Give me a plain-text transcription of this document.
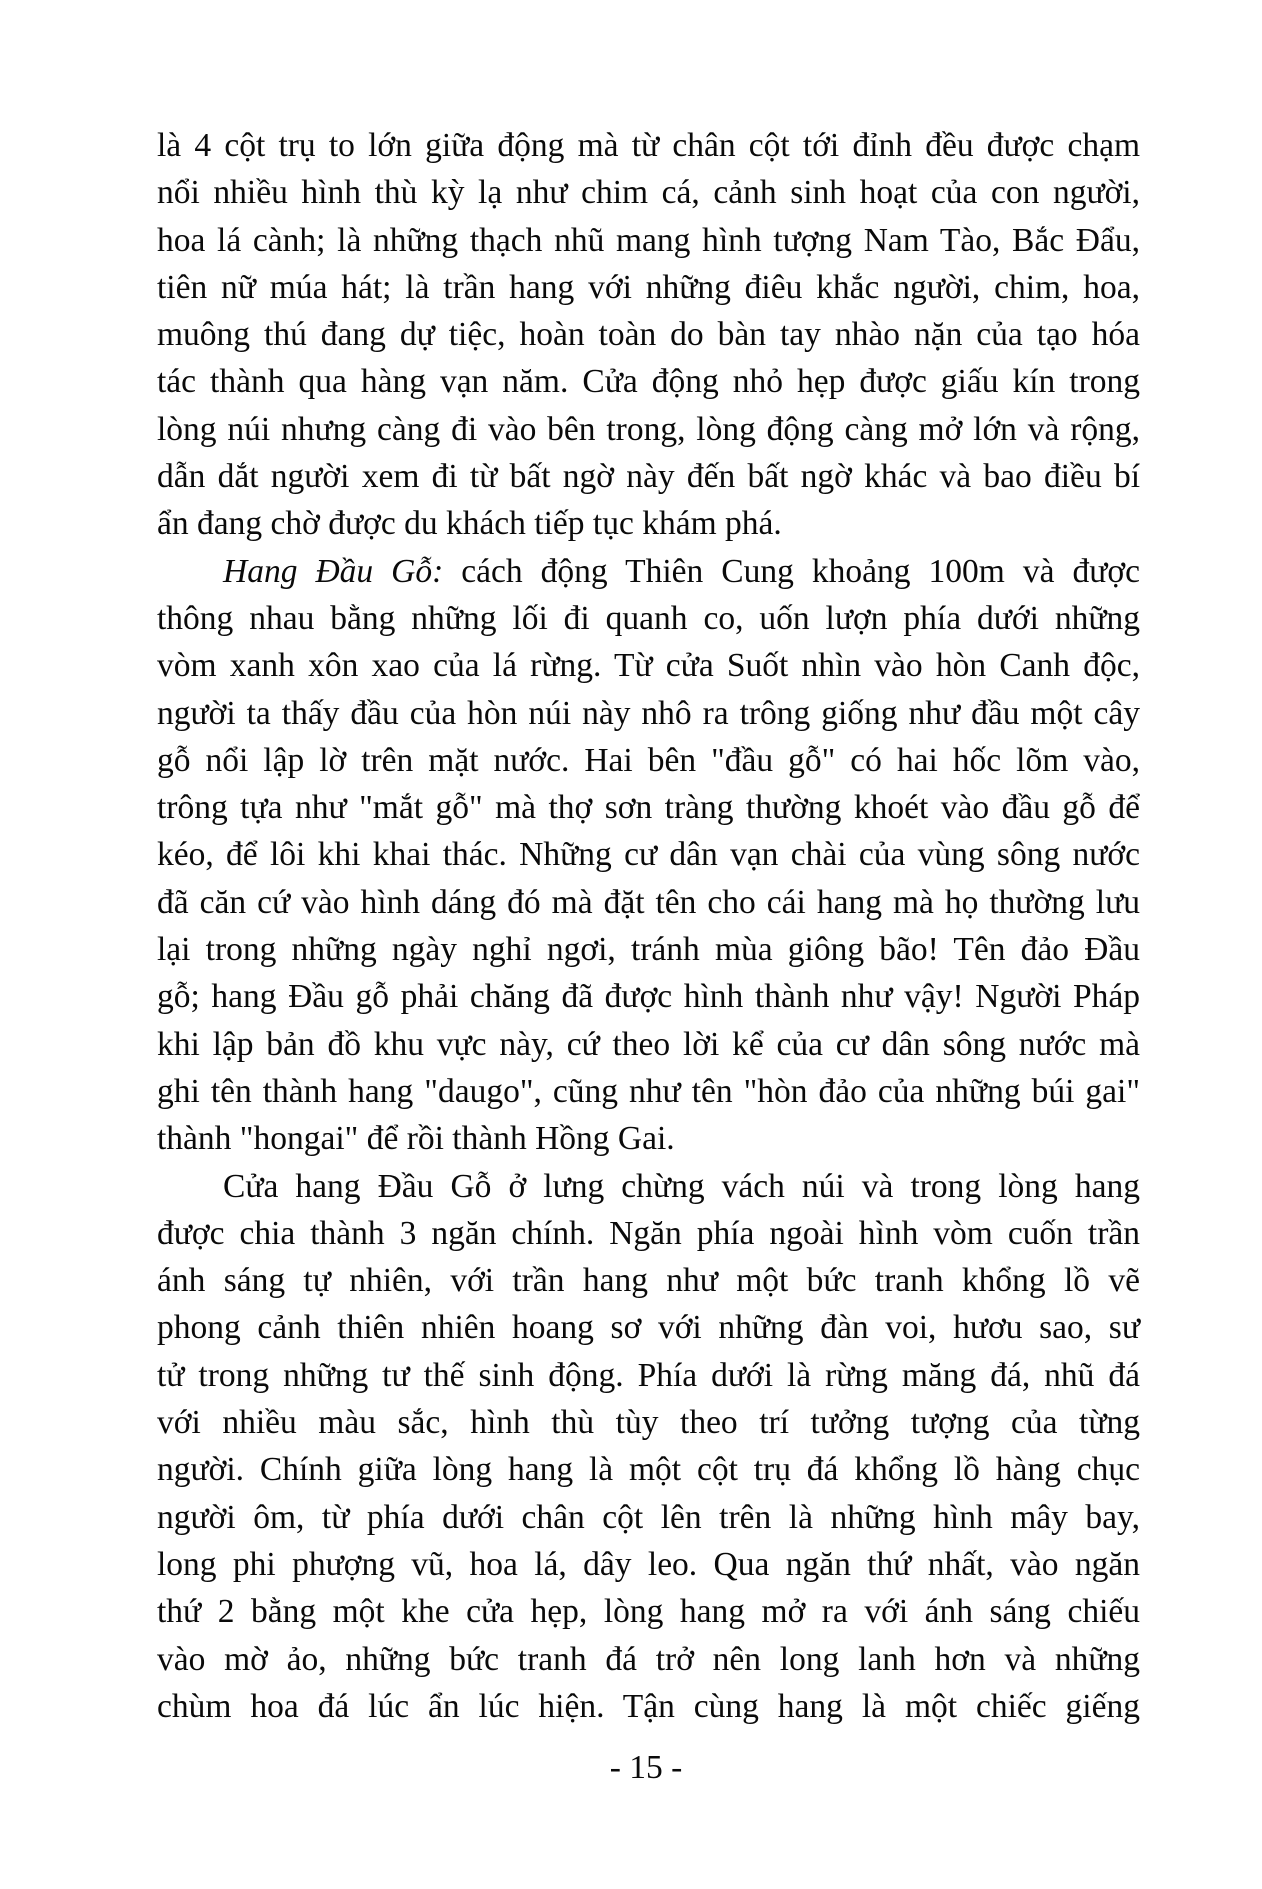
là 4 cột trụ to lớn giữa động mà từ chân cột tới đỉnh đều được chạm
nổi nhiều hình thù kỳ lạ như chim cá, cảnh sinh hoạt của con người,
hoa lá cành; là những thạch nhũ mang hình tượng Nam Tào, Bắc Đẩu,
tiên nữ múa hát; là trần hang với những điêu khắc người, chim, hoa,
muông thú đang dự tiệc, hoàn toàn do bàn tay nhào nặn của tạo hóa
tác thành qua hàng vạn năm. Cửa động nhỏ hẹp được giấu kín trong
lòng núi nhưng càng đi vào bên trong, lòng động càng mở lớn và rộng,
dẫn dắt người xem đi từ bất ngờ này đến bất ngờ khác và bao điều bí
ẩn đang chờ được du khách tiếp tục khám phá.
Hang Đầu Gỗ: cách động Thiên Cung khoảng 100m và được
thông nhau bằng những lối đi quanh co, uốn lượn phía dưới những
vòm xanh xôn xao của lá rừng. Từ cửa Suốt nhìn vào hòn Canh độc,
người ta thấy đầu của hòn núi này nhô ra trông giống như đầu một cây
gỗ nổi lập lờ trên mặt nước. Hai bên "đầu gỗ" có hai hốc lõm vào,
trông tựa như "mắt gỗ" mà thợ sơn tràng thường khoét vào đầu gỗ để
kéo, để lôi khi khai thác. Những cư dân vạn chài của vùng sông nước
đã căn cứ vào hình dáng đó mà đặt tên cho cái hang mà họ thường lưu
lại trong những ngày nghỉ ngơi, tránh mùa giông bão! Tên đảo Đầu
gỗ; hang Đầu gỗ phải chăng đã được hình thành như vậy! Người Pháp
khi lập bản đồ khu vực này, cứ theo lời kể của cư dân sông nước mà
ghi tên thành hang "daugo", cũng như tên "hòn đảo của những búi gai"
thành "hongai" để rồi thành Hồng Gai.
Cửa hang Đầu Gỗ ở lưng chừng vách núi và trong lòng hang
được chia thành 3 ngăn chính. Ngăn phía ngoài hình vòm cuốn trần
ánh sáng tự nhiên, với trần hang như một bức tranh khổng lồ vẽ
phong cảnh thiên nhiên hoang sơ với những đàn voi, hươu sao, sư
tử trong những tư thế sinh động. Phía dưới là rừng măng đá, nhũ đá
với nhiều màu sắc, hình thù tùy theo trí tưởng tượng của từng
người. Chính giữa lòng hang là một cột trụ đá khổng lồ hàng chục
người ôm, từ phía dưới chân cột lên trên là những hình mây bay,
long phi phượng vũ, hoa lá, dây leo. Qua ngăn thứ nhất, vào ngăn
thứ 2 bằng một khe cửa hẹp, lòng hang mở ra với ánh sáng chiếu
vào mờ ảo, những bức tranh đá trở nên long lanh hơn và những
chùm hoa đá lúc ẩn lúc hiện. Tận cùng hang là một chiếc giếng
- 15 -
